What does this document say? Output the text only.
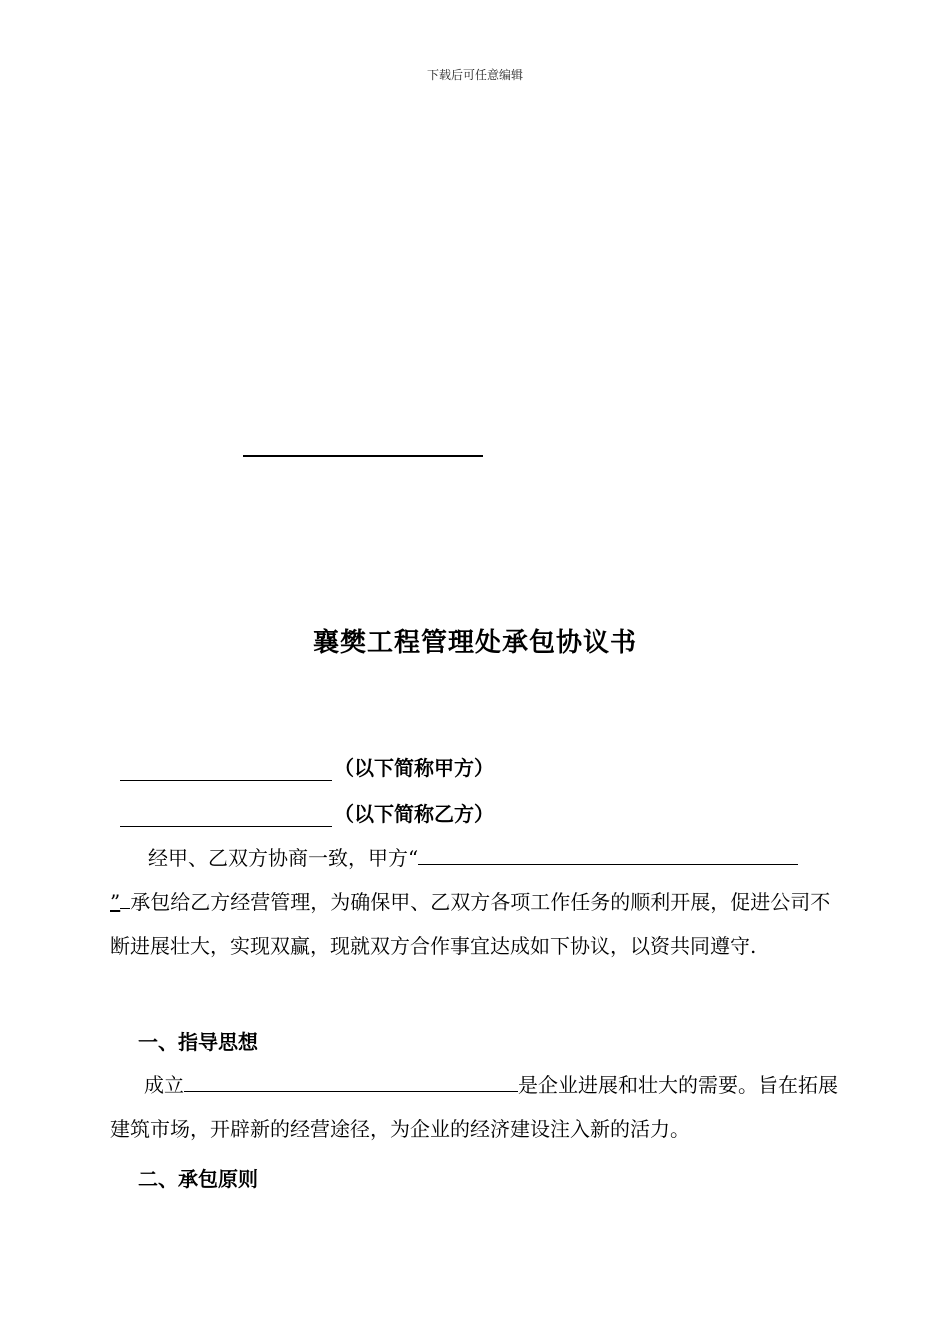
下载后可任意编辑
襄樊工程管理处承包协议书
（以下简称甲方）
（以下简称乙方）
经甲、乙双方协商一致，甲方“
” 承包给乙方经营管理，为确保甲、乙双方各项工作任务的顺利开展，促进公司不断进展壮大，实现双赢，现就双方合作事宜达成如下协议，以资共同遵守.
一、指导思想
成立	是企业进展和壮大的需要。旨在拓展建筑市场，开辟新的经营途径，为企业的经济建设注入新的活力。
二、承包原则
